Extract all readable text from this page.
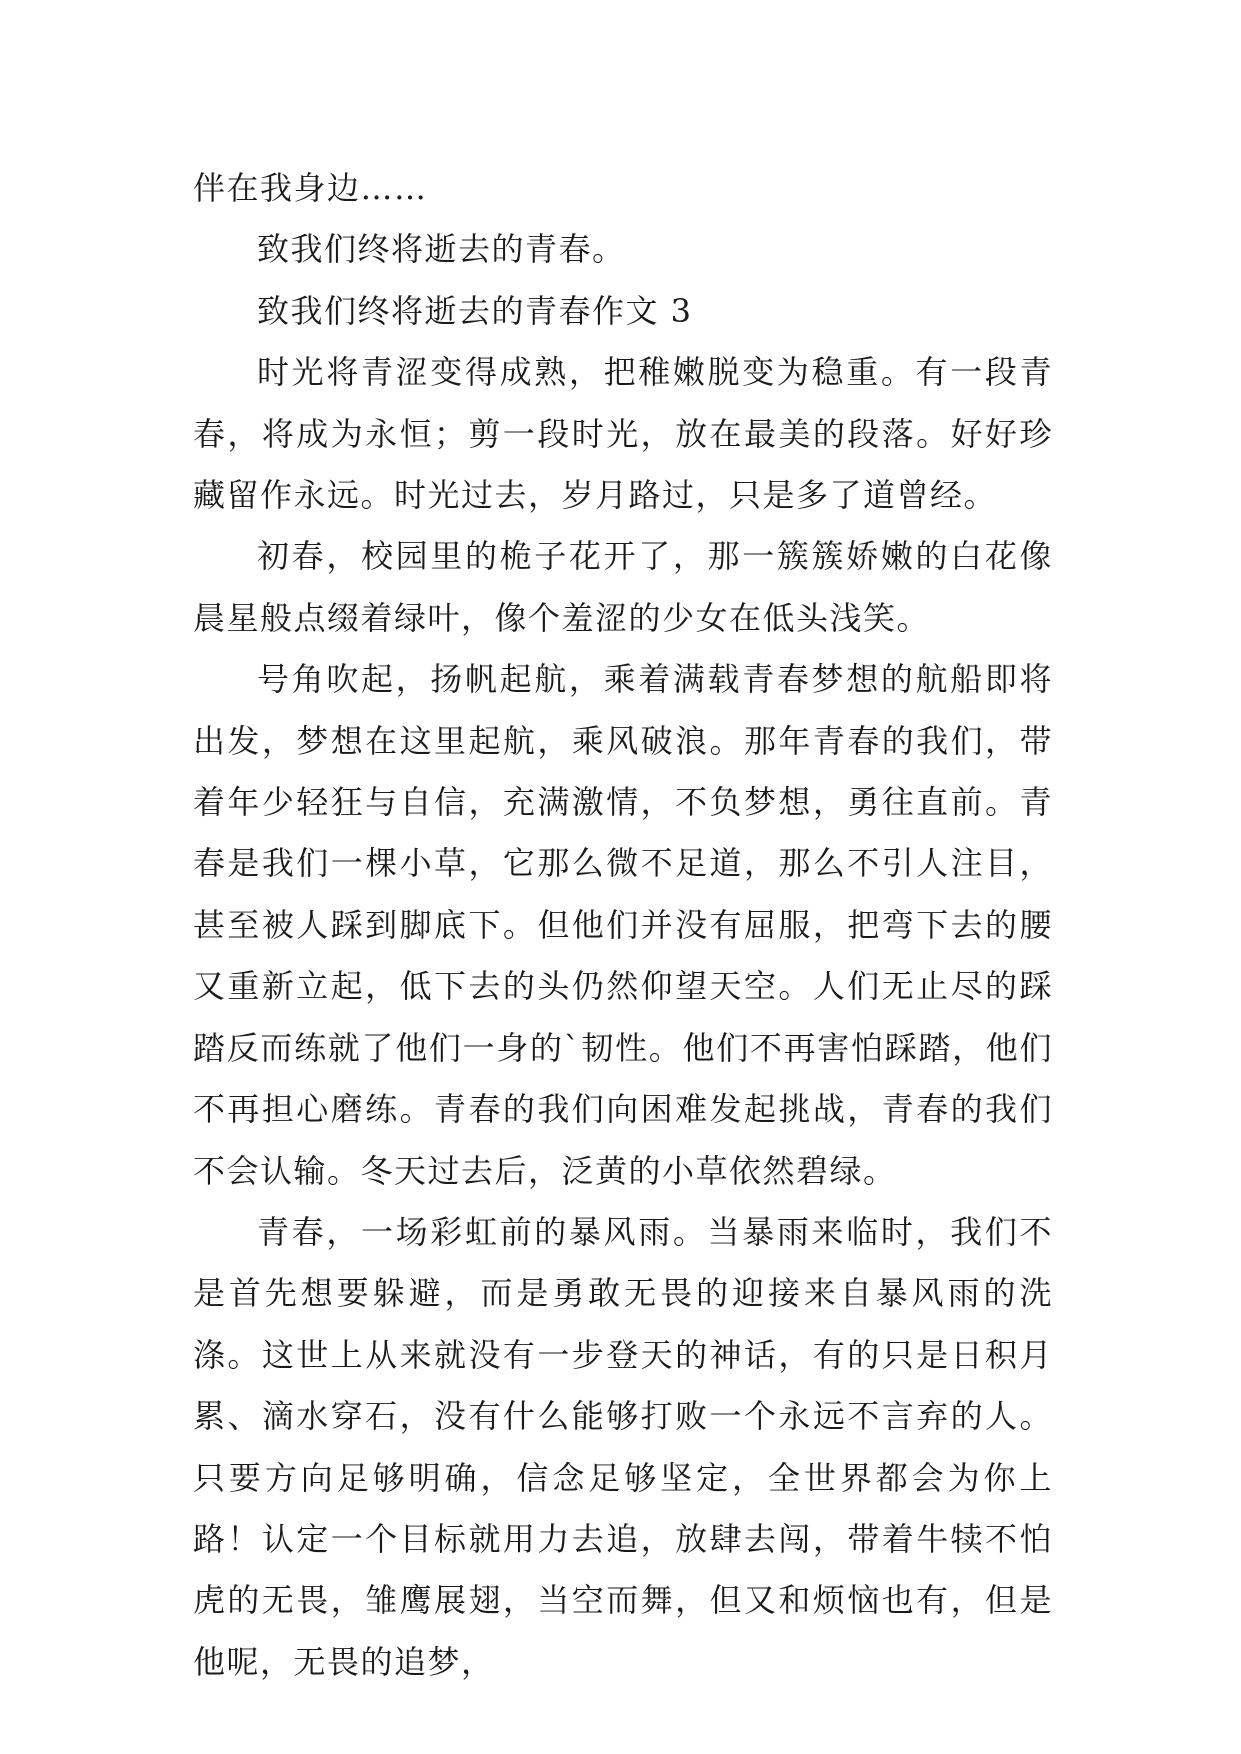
伴在我身边……

致我们终将逝去的青春。

致我们终将逝去的青春作文 3

时光将青涩变得成熟，把稚嫩脱变为稳重。有一段青春，将成为永恒；剪一段时光，放在最美的段落。好好珍藏留作永远。时光过去，岁月路过，只是多了道曾经。

初春，校园里的桅子花开了，那一簇簇娇嫩的白花像晨星般点缀着绿叶，像个羞涩的少女在低头浅笑。

号角吹起，扬帆起航，乘着满载青春梦想的航船即将出发，梦想在这里起航，乘风破浪。那年青春的我们，带着年少轻狂与自信，充满激情，不负梦想，勇往直前。青春是我们一棵小草，它那么微不足道，那么不引人注目，甚至被人踩到脚底下。但他们并没有屈服，把弯下去的腰又重新立起，低下去的头仍然仰望天空。人们无止尽的踩踏反而练就了他们一身的`韧性。他们不再害怕踩踏，他们不再担心磨练。青春的我们向困难发起挑战，青春的我们不会认输。冬天过去后，泛黄的小草依然碧绿。

青春，一场彩虹前的暴风雨。当暴雨来临时，我们不是首先想要躲避，而是勇敢无畏的迎接来自暴风雨的洗涤。这世上从来就没有一步登天的神话，有的只是日积月累、滴水穿石，没有什么能够打败一个永远不言弃的人。只要方向足够明确，信念足够坚定，全世界都会为你上路！认定一个目标就用力去追，放肆去闯，带着牛犊不怕虎的无畏，雏鹰展翅，当空而舞，但又和烦恼也有，但是他呢，无畏的追梦，
